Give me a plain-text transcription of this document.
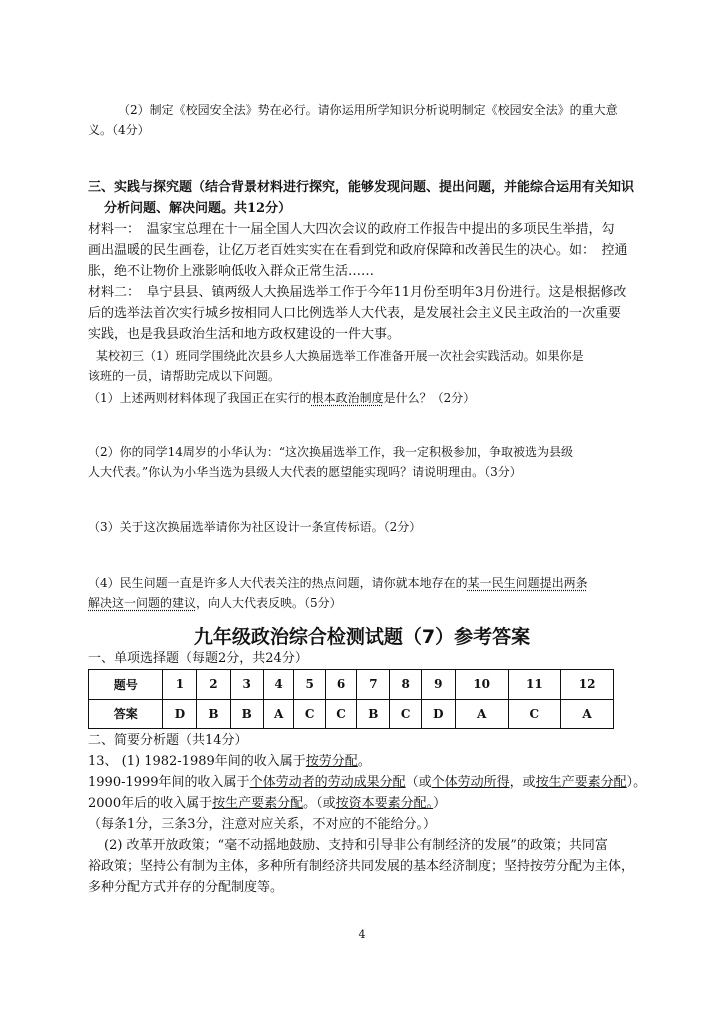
（2）制定《校园安全法》势在必行。请你运用所学知识分析说明制定《校园安全法》的重大意
义。（4分）
三、实践与探究题（结合背景材料进行探究，能够发现问题、提出问题，并能综合运用有关知识
分析问题、解决问题。共12分）
材料一：　温家宝总理在十一届全国人大四次会议的政府工作报告中提出的多项民生举措，勾
画出温暖的民生画卷，让亿万老百姓实实在在看到党和政府保障和改善民生的决心。如：　控通
胀，绝不让物价上涨影响低收入群众正常生活……
材料二：　阜宁县县、镇两级人大换届选举工作于今年11月份至明年3月份进行。这是根据修改
后的选举法首次实行城乡按相同人口比例选举人大代表，是发展社会主义民主政治的一次重要
实践，也是我县政治生活和地方政权建设的一件大事。
某校初三（1）班同学围绕此次县乡人大换届选举工作准备开展一次社会实践活动。如果你是
该班的一员，请帮助完成以下问题。
（1）上述两则材料体现了我国正在实行的根本政治制度是什么？（2分）
（2）你的同学14周岁的小华认为：“这次换届选举工作，我一定积极参加，争取被选为县级
人大代表。”你认为小华当选为县级人大代表的愿望能实现吗？请说明理由。（3分）
（3）关于这次换届选举请你为社区设计一条宣传标语。（2分）
（4）民生问题一直是许多人大代表关注的热点问题，请你就本地存在的某一民生问题提出两条
解决这一问题的建议，向人大代表反映。（5分）
九年级政治综合检测试题（7）参考答案
一、单项选择题（每题2分，共24分）
题号	1	2	3	4	5	6	7	8	9	10	11	12
答案	D	B	B	A	C	C	B	C	D	A	C	A
二、简要分析题（共14分）
13、 (1) 1982-1989年间的收入属于按劳分配。
1990-1999年间的收入属于个体劳动者的劳动成果分配（或个体劳动所得，或按生产要素分配）。
2000年后的收入属于按生产要素分配。（或按资本要素分配。）
（每条1分，三条3分，注意对应关系，不对应的不能给分。）
(2) 改革开放政策；“毫不动摇地鼓励、支持和引导非公有制经济的发展”的政策；共同富
裕政策；坚持公有制为主体，多种所有制经济共同发展的基本经济制度；坚持按劳分配为主体，
多种分配方式并存的分配制度等。
4
